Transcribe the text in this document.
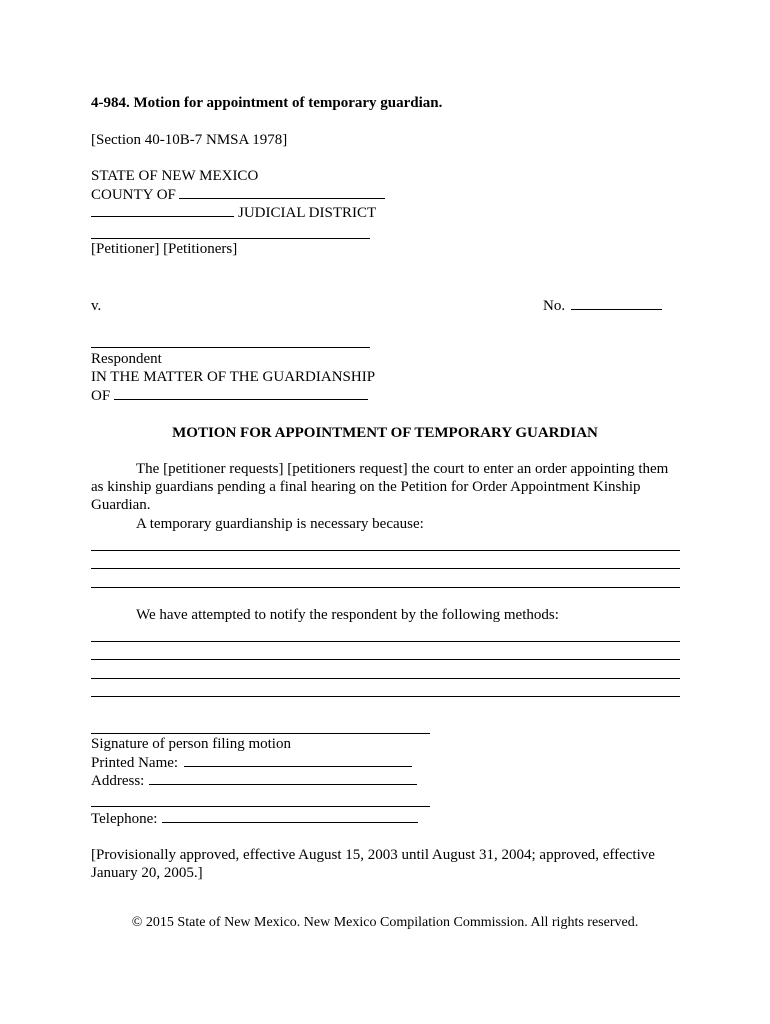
4-984. Motion for appointment of temporary guardian.
[Section 40-10B-7 NMSA 1978]
STATE OF NEW MEXICO
COUNTY OF
JUDICIAL DISTRICT
[Petitioner] [Petitioners]
v.	No.
Respondent
IN THE MATTER OF THE GUARDIANSHIP
OF
MOTION FOR APPOINTMENT OF TEMPORARY GUARDIAN
The [petitioner requests] [petitioners request] the court to enter an order appointing them as kinship guardians pending a final hearing on the Petition for Order Appointment Kinship Guardian.
A temporary guardianship is necessary because:
We have attempted to notify the respondent by the following methods:
Signature of person filing motion
Printed Name:
Address:
Telephone:
[Provisionally approved, effective August 15, 2003 until August 31, 2004; approved, effective January 20, 2005.]
© 2015 State of New Mexico. New Mexico Compilation Commission. All rights reserved.
